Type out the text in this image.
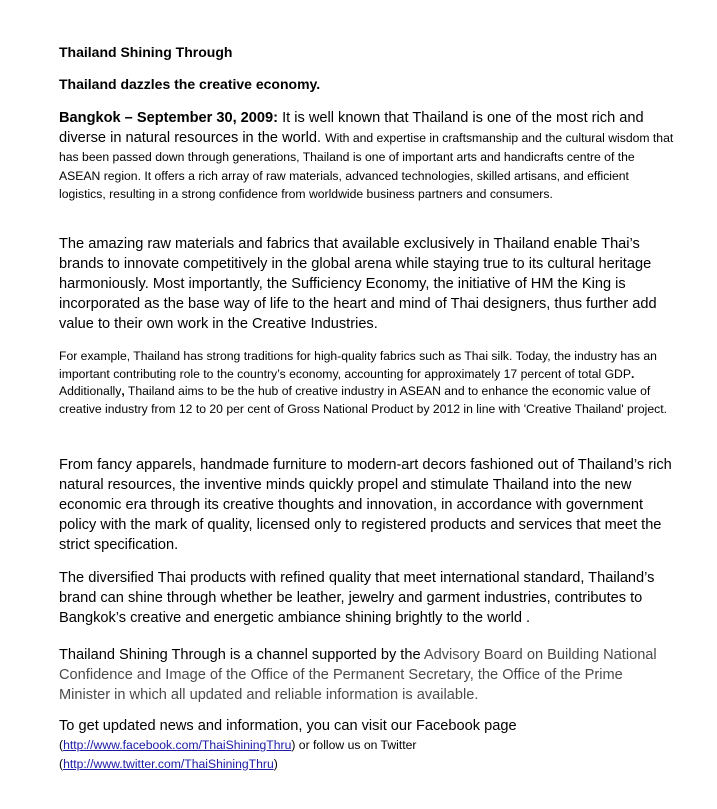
Thailand Shining Through
Thailand dazzles the creative economy.

Bangkok – September 30, 2009: It is well known that Thailand is one of the most rich and diverse in natural resources in the world. With and expertise in craftsmanship and the cultural wisdom that has been passed down through generations, Thailand is one of important arts and handicrafts centre of the ASEAN region. It offers a rich array of raw materials, advanced technologies, skilled artisans, and efficient logistics, resulting in a strong confidence from worldwide business partners and consumers.

The amazing raw materials and fabrics that available exclusively in Thailand enable Thai’s brands to innovate competitively in the global arena while staying true to its cultural heritage harmoniously. Most importantly, the Sufficiency Economy, the initiative of HM the King is incorporated as the base way of life to the heart and mind of Thai designers, thus further add value to their own work in the Creative Industries.

For example, Thailand has strong traditions for high-quality fabrics such as Thai silk. Today, the industry has an important contributing role to the country’s economy, accounting for approximately 17 percent of total GDP. Additionally, Thailand aims to be the hub of creative industry in ASEAN and to enhance the economic value of creative industry from 12 to 20 per cent of Gross National Product by 2012 in line with 'Creative Thailand' project.

From fancy apparels, handmade furniture to modern-art decors fashioned out of Thailand’s rich natural resources, the inventive minds quickly propel and stimulate Thailand into the new economic era through its creative thoughts and innovation, in accordance with government policy with the mark of quality, licensed only to registered products and services that meet the strict specification.

The diversified Thai products with refined quality that meet international standard, Thailand’s brand can shine through whether be leather, jewelry and garment industries, contributes to Bangkok’s creative and energetic ambiance shining brightly to the world .

Thailand Shining Through is a channel supported by the Advisory Board on Building National Confidence and Image of the Office of the Permanent Secretary, the Office of the Prime Minister in which all updated and reliable information is available.

To get updated news and information, you can visit our Facebook page
(http://www.facebook.com/ThaiShiningThru) or follow us on Twitter
(http://www.twitter.com/ThaiShiningThru)
